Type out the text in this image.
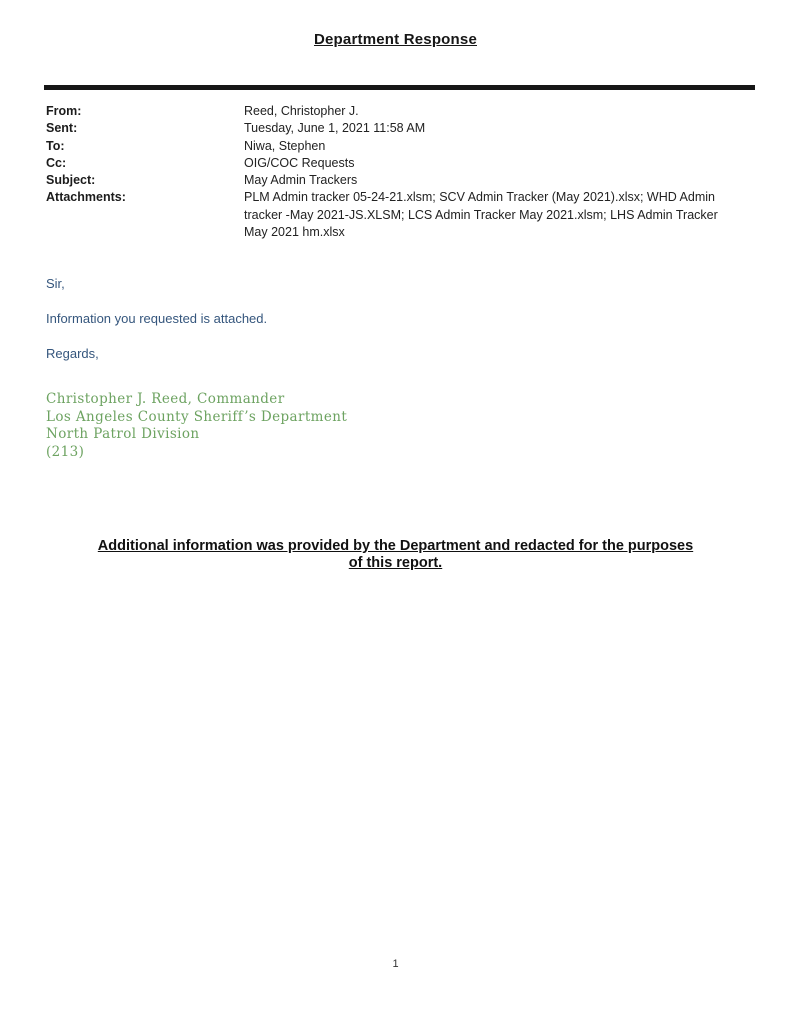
Department Response
From:	Reed, Christopher J.
Sent:	Tuesday, June 1, 2021 11:58 AM
To:	Niwa, Stephen
Cc:	OIG/COC Requests
Subject:	May Admin Trackers
Attachments:	PLM Admin tracker 05-24-21.xlsm; SCV Admin Tracker (May 2021).xlsx; WHD Admin tracker -May 2021-JS.XLSM; LCS Admin Tracker May 2021.xlsm; LHS Admin Tracker May 2021 hm.xlsx
Sir,
Information you requested is attached.
Regards,
Christopher J. Reed, Commander
Los Angeles County Sheriff’s Department
North Patrol Division
(213)
Additional information was provided by the Department and redacted for the purposes of this report.
1
